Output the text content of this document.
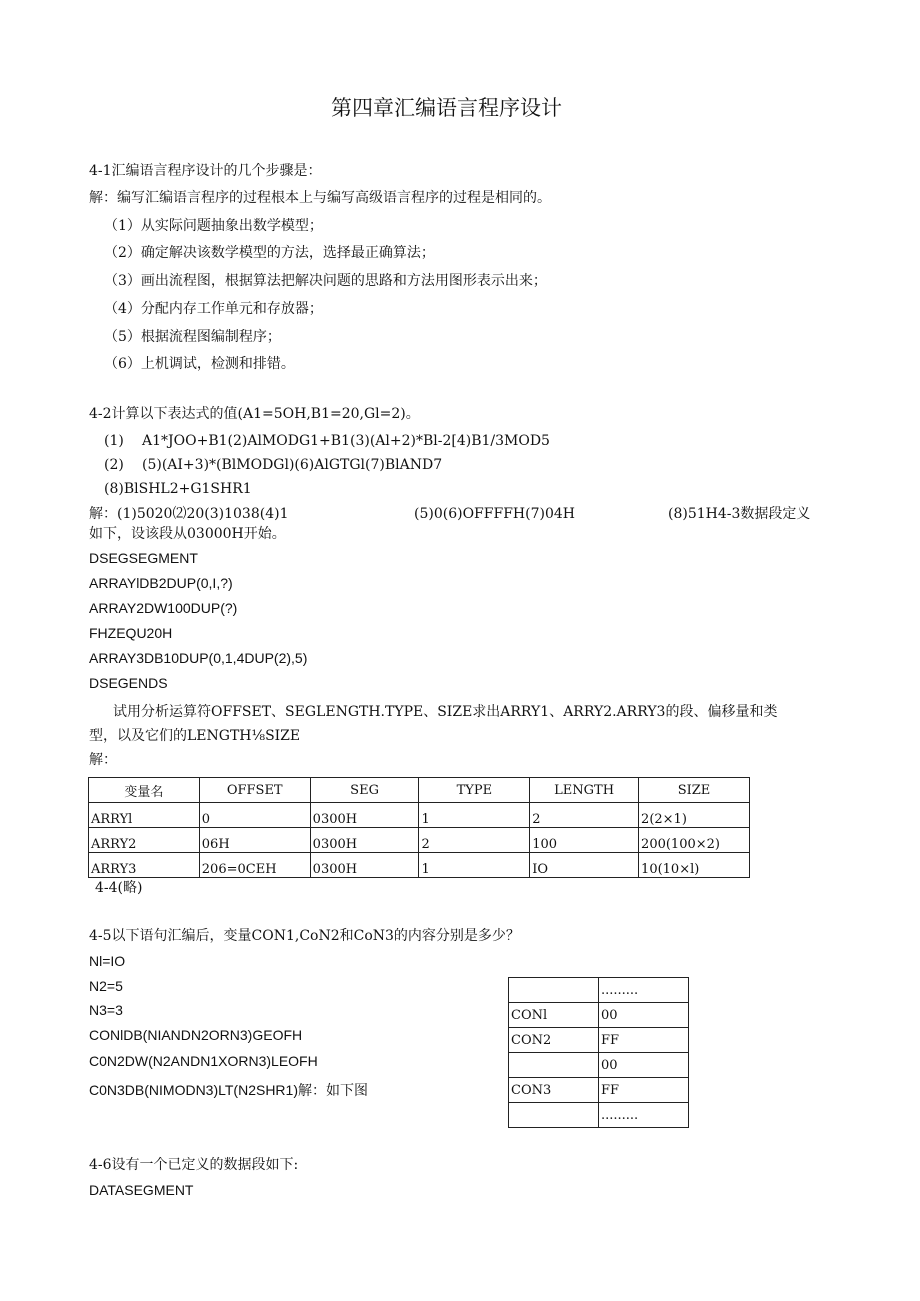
第四章汇编语言程序设计
4-1汇编语言程序设计的几个步骤是：
解：编写汇编语言程序的过程根本上与编写高级语言程序的过程是相同的。
（1）从实际问题抽象出数学模型；
（2）确定解决该数学模型的方法，选择最正确算法；
（3）画出流程图，根据算法把解决问题的思路和方法用图形表示出来；
（4）分配内存工作单元和存放器；
（5）根据流程图编制程序；
（6）上机调试，检测和排错。
4-2计算以下表达式的值(A1=5OH,B1=20,Gl=2)。
(1) A1*JOO+B1(2)AlMODG1+B1(3)(Al+2)*Bl-2[4)B1/3MOD5
(2) (5)(AI+3)*(BlMODGl)(6)AlGTGl(7)BlAND7
(8)BlSHL2+G1SHR1
解：(1)5020⑵20(3)1038(4)1	(5)0(6)OFFFFH(7)04H	(8)51H4-3数据段定义
如下，设该段从03000H开始。
DSEGSEGMENT
ARRAYlDB2DUP(0,I,?)
ARRAY2DW100DUP(?)
FHZEQU20H
ARRAY3DB10DUP(0,1,4DUP(2),5)
DSEGENDS
试用分析运算符OFFSET、SEGLENGTH.TYPE、SIZE求出ARRY1、ARRY2.ARRY3的段、偏移量和类
型，以及它们的LENGTH⅛SIZE
解：
变量名	OFFSET	SEG	TYPE	LENGTH	SIZE
ARRYl	0	0300H	1	2	2(2×1)
ARRY2	06H	0300H	2	100	200(100×2)
ARRY3	206=0CEH	0300H	1	IO	10(10×l)
4-4(略)
4-5以下语句汇编后，变量CON1,CoN2和CoN3的内容分别是多少？
Nl=IO
N2=5
N3=3
CONlDB(NIANDN2ORN3)GEOFH
C0N2DW(N2ANDN1XORN3)LEOFH
C0N3DB(NIMODN3)LT(N2SHR1)解：如下图
	.........
CONl	00
CON2	FF
	00
CON3	FF
	.........
4-6设有一个已定义的数据段如下:
DATASEGMENT
